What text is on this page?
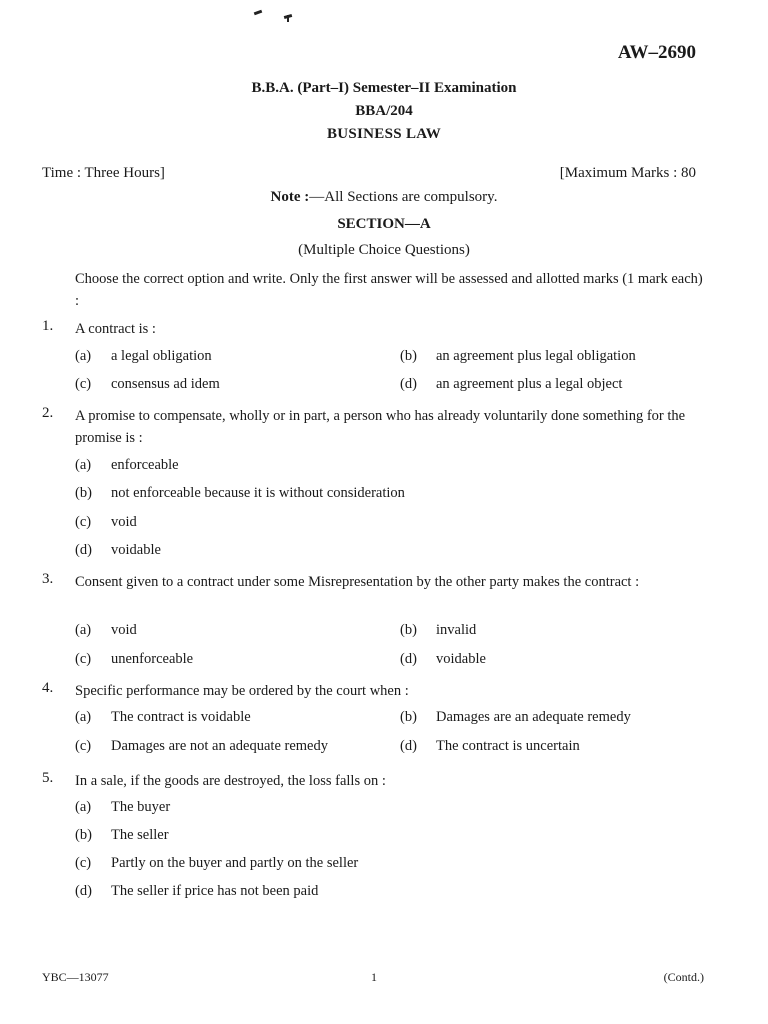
AW–2690
B.B.A. (Part–I) Semester–II Examination
BBA/204
BUSINESS LAW
Time : Three Hours]	[Maximum Marks : 80
Note :—All Sections are compulsory.
SECTION—A
(Multiple Choice Questions)
Choose the correct option and write. Only the first answer will be assessed and allotted marks (1 mark each) :
1. A contract is :
(a) a legal obligation	(b) an agreement plus legal obligation
(c) consensus ad idem	(d) an agreement plus a legal object
2. A promise to compensate, wholly or in part, a person who has already voluntarily done something for the promise is :
(a) enforceable
(b) not enforceable because it is without consideration
(c) void
(d) voidable
3. Consent given to a contract under some Misrepresentation by the other party makes the contract :
(a) void	(b) invalid
(c) unenforceable	(d) voidable
4. Specific performance may be ordered by the court when :
(a) The contract is voidable	(b) Damages are an adequate remedy
(c) Damages are not an adequate remedy	(d) The contract is uncertain
5. In a sale, if the goods are destroyed, the loss falls on :
(a) The buyer
(b) The seller
(c) Partly on the buyer and partly on the seller
(d) The seller if price has not been paid
YBC—13077	1	(Contd.)
